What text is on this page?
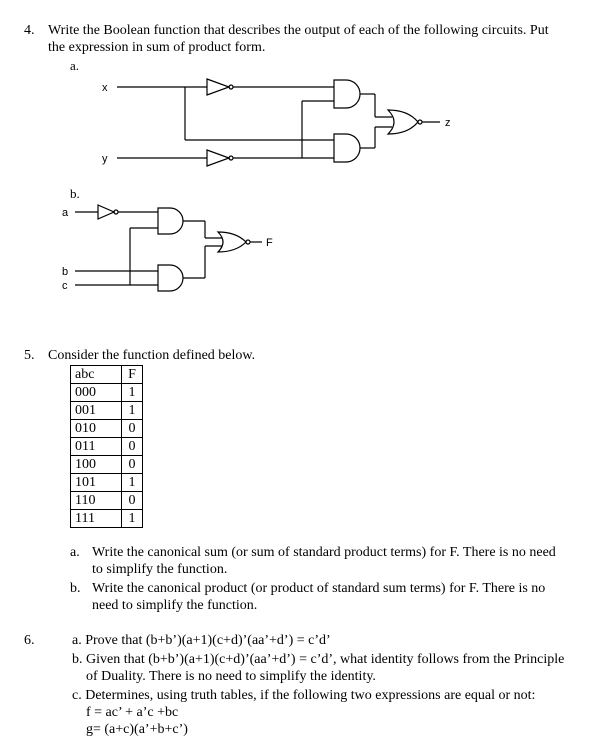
4. Write the Boolean function that describes the output of each of the following circuits. Put
the expression in sum of product form.
a.
x
y
z
b.
a
b
c
F
5. Consider the function defined below.
abc	F
000	1
001	1
010	0
011	0
100	0
101	1
110	0
111	1
a. Write the canonical sum (or sum of standard product terms) for F. There is no need
to simplify the function.
b. Write the canonical product (or product of standard sum terms) for F. There is no
need to simplify the function.
6.	a. Prove that (b+b’)(a+1)(c+d)’(aa’+d’) = c’d’
b. Given that (b+b’)(a+1)(c+d)’(aa’+d’) = c’d’, what identity follows from the Principle
of Duality. There is no need to simplify the identity.
c. Determines, using truth tables, if the following two expressions are equal or not:
f = ac’ + a’c +bc
g= (a+c)(a’+b+c’)
